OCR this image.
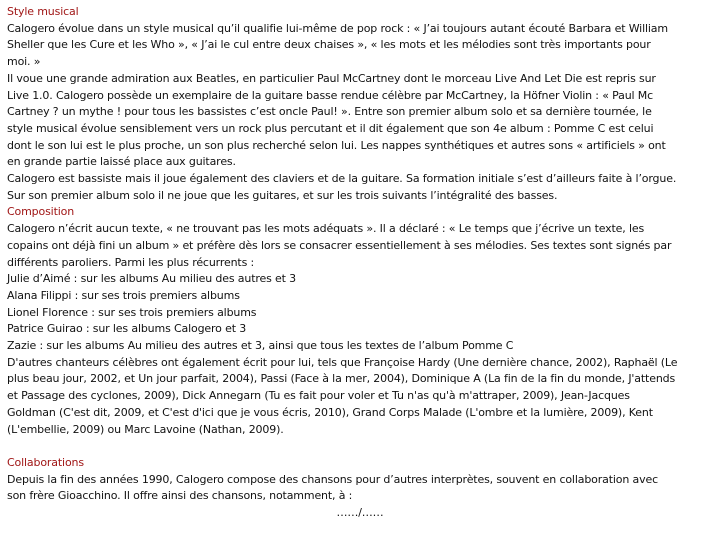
Style musical
Calogero évolue dans un style musical qu’il qualifie lui-même de pop rock : « J’ai toujours autant écouté Barbara et William
Sheller que les Cure et les Who », « J’ai le cul entre deux chaises », « les mots et les mélodies sont très importants pour
moi. »
Il voue une grande admiration aux Beatles, en particulier Paul McCartney dont le morceau Live And Let Die est repris sur
Live 1.0. Calogero possède un exemplaire de la guitare basse rendue célèbre par McCartney, la Höfner Violin : « Paul Mc
Cartney ? un mythe ! pour tous les bassistes c’est oncle Paul! ». Entre son premier album solo et sa dernière tournée, le
style musical évolue sensiblement vers un rock plus percutant et il dit également que son 4e album : Pomme C est celui
dont le son lui est le plus proche, un son plus recherché selon lui. Les nappes synthétiques et autres sons « artificiels » ont
en grande partie laissé place aux guitares.
Calogero est bassiste mais il joue également des claviers et de la guitare. Sa formation initiale s’est d’ailleurs faite à l’orgue.
Sur son premier album solo il ne joue que les guitares, et sur les trois suivants l’intégralité des basses.
Composition
Calogero n’écrit aucun texte, « ne trouvant pas les mots adéquats ». Il a déclaré : « Le temps que j’écrive un texte, les
copains ont déjà fini un album » et préfère dès lors se consacrer essentiellement à ses mélodies. Ses textes sont signés par
différents paroliers. Parmi les plus récurrents :
Julie d’Aimé : sur les albums Au milieu des autres et 3
Alana Filippi : sur ses trois premiers albums
Lionel Florence : sur ses trois premiers albums
Patrice Guirao : sur les albums Calogero et 3
Zazie : sur les albums Au milieu des autres et 3, ainsi que tous les textes de l’album Pomme C
D'autres chanteurs célèbres ont également écrit pour lui, tels que Françoise Hardy (Une dernière chance, 2002), Raphaël (Le
plus beau jour, 2002, et Un jour parfait, 2004), Passi (Face à la mer, 2004), Dominique A (La fin de la fin du monde, J'attends
et Passage des cyclones, 2009), Dick Annegarn (Tu es fait pour voler et Tu n'as qu'à m'attraper, 2009), Jean-Jacques
Goldman (C'est dit, 2009, et C'est d'ici que je vous écris, 2010), Grand Corps Malade (L'ombre et la lumière, 2009), Kent
(L'embellie, 2009) ou Marc Lavoine (Nathan, 2009).
Collaborations
Depuis la fin des années 1990, Calogero compose des chansons pour d’autres interprètes, souvent en collaboration avec
son frère Gioacchino. Il offre ainsi des chansons, notamment, à :
……/……
